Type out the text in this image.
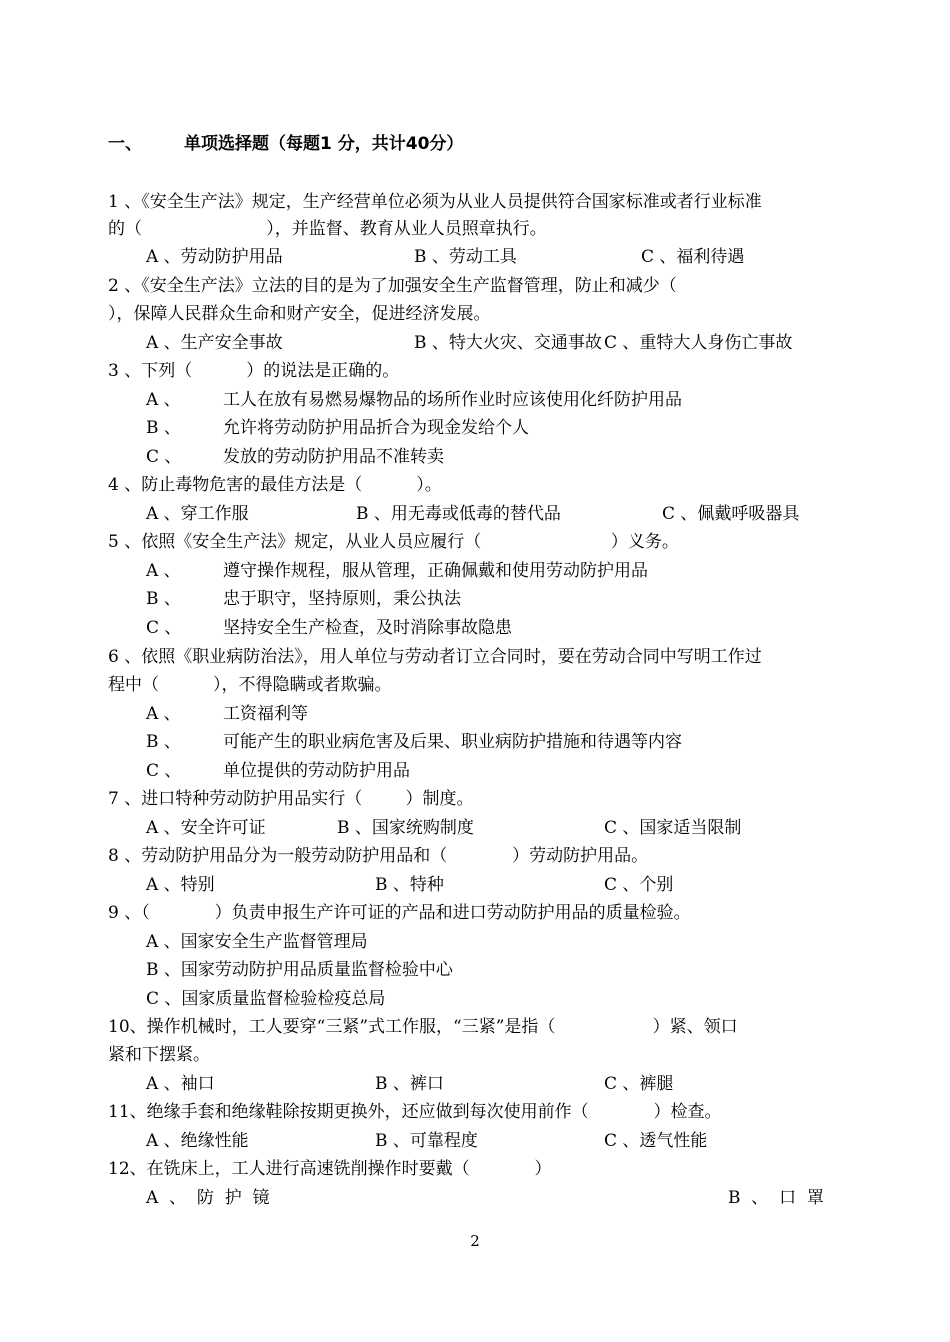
一、 单项选择题（每题1 分，共计40分）
1 、《安全生产法》规定，生产经营单位必须为从业人员提供符合国家标准或者行业标准
的（                       ），并监督、教育从业人员照章执行。
A 、劳动防护用品	B 、劳动工具	C 、福利待遇
2 、《安全生产法》立法的目的是为了加强安全生产监督管理，防止和减少（
），保障人民群众生命和财产安全，促进经济发展。
A 、生产安全事故	B 、特大火灾、交通事故 C 、重特大人身伤亡事故
3 、下列（          ）的说法是正确的。
A 、 工人在放有易燃易爆物品的场所作业时应该使用化纤防护用品
B 、 允许将劳动防护用品折合为现金发给个人
C 、 发放的劳动防护用品不准转卖
4 、防止毒物危害的最佳方法是（          ）。
A 、穿工作服	B 、用无毒或低毒的替代品	C 、佩戴呼吸器具
5 、依照《安全生产法》规定，从业人员应履行（                        ）义务。
A 、 遵守操作规程，服从管理，正确佩戴和使用劳动防护用品
B 、 忠于职守，坚持原则，秉公执法
C 、 坚持安全生产检查，及时消除事故隐患
6 、依照《职业病防治法》，用人单位与劳动者订立合同时，要在劳动合同中写明工作过
程中（          ），不得隐瞒或者欺骗。
A 、 工资福利等
B 、 可能产生的职业病危害及后果、职业病防护措施和待遇等内容
C 、 单位提供的劳动防护用品
7 、进口特种劳动防护用品实行（        ）制度。
A 、安全许可证	B 、国家统购制度	C 、国家适当限制
8 、劳动防护用品分为一般劳动防护用品和（            ）劳动防护用品。
A 、特别	B 、特种	C 、个别
9 、（            ）负责申报生产许可证的产品和进口劳动防护用品的质量检验。
A 、国家安全生产监督管理局
B 、国家劳动防护用品质量监督检验中心
C 、国家质量监督检验检疫总局
10、操作机械时，工人要穿“三紧”式工作服，“三紧”是指（                  ）紧、领口
紧和下摆紧。
A 、袖口	B 、裤口	C 、裤腿
11、绝缘手套和绝缘鞋除按期更换外，还应做到每次使用前作（            ）检查。
A 、绝缘性能	B 、可靠程度	C 、透气性能
12、在铣床上，工人进行高速铣削操作时要戴（            ）
A  、  防  护  镜	B  、  口  罩
2
